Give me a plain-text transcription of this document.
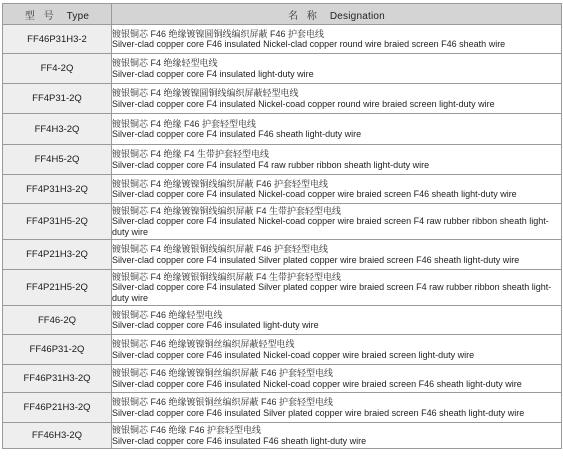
型 号 Type	名 称 Designation
FF46P31H3-2	镀银铜芯 F46 绝缘镀镍圆铜线编织屏蔽 F46 护套电线
Silver-clad copper core F46 insulated Nickel-clad copper round wire braied screen F46 sheath wire

FF4-2Q	镀银铜芯 F4 绝缘轻型电线
Silver-clad copper core F4 insulated light-duty wire

FF4P31-2Q	镀银铜芯 F4 绝缘镀镍圆铜线编织屏蔽轻型电线
Silver-clad copper core F4 insulated Nickel-coad copper round wire braied screen light-duty wire

FF4H3-2Q	镀银铜芯 F4 绝缘 F46 护套轻型电线
Silver-clad copper core F4 insulated F46 sheath light-duty wire

FF4H5-2Q	镀银铜芯 F4 绝缘 F4 生带护套轻型电线
Silver-clad copper core F4 insulated F4 raw rubber ribbon sheath light-duty wire

FF4P31H3-2Q	镀银铜芯 F4 绝缘镀镍铜线编织屏蔽 F46 护套轻型电线
Silver-clad copper core F4 insulated Nickel-coad copper wire braied screen F46 sheath light-duty wire

FF4P31H5-2Q	镀银铜芯 F4 绝缘镀镍铜线编织屏蔽 F4 生带护套轻型电线
Silver-clad copper core F4 insulated Nickel-coad copper wire braied screen F4 raw rubber ribbon sheath light-duty wire

FF4P21H3-2Q	镀银铜芯 F4 绝缘镀银铜线编织屏蔽 F46 护套轻型电线
Silver-clad copper core F4 insulated Silver plated copper wire braied screen F46 sheath light-duty wire

FF4P21H5-2Q	镀银铜芯 F4 绝缘镀银铜线编织屏蔽 F4 生带护套轻型电线
Silver-clad copper core F4 insulated Silver plated copper wire braied screen F4 raw rubber ribbon sheath light-duty wire

FF46-2Q	镀银铜芯 F46 绝缘轻型电线
Silver-clad copper core F46 insulated light-duty wire

FF46P31-2Q	镀银铜芯 F46 绝缘镀镍铜丝编织屏蔽轻型电线
Silver-clad copper core F46 insulated Nickel-coad copper wire braied screen light-duty wire

FF46P31H3-2Q	镀银铜芯 F46 绝缘镀镍铜丝编织屏蔽 F46 护套轻型电线
Silver-clad copper core F46 insulated Nickel-coad copper wire braied screen F46 sheath light-duty wire

FF46P21H3-2Q	镀银铜芯 F46 绝缘镀银铜丝编织屏蔽 F46 护套轻型电线
Silver-clad copper core F46 insulated Silver plated copper wire braied screen F46 sheath light-duty wire

FF46H3-2Q	镀银铜芯 F46 绝缘 F46 护套轻型电线
Silver-clad copper core F46 insulated F46 sheath light-duty wire
